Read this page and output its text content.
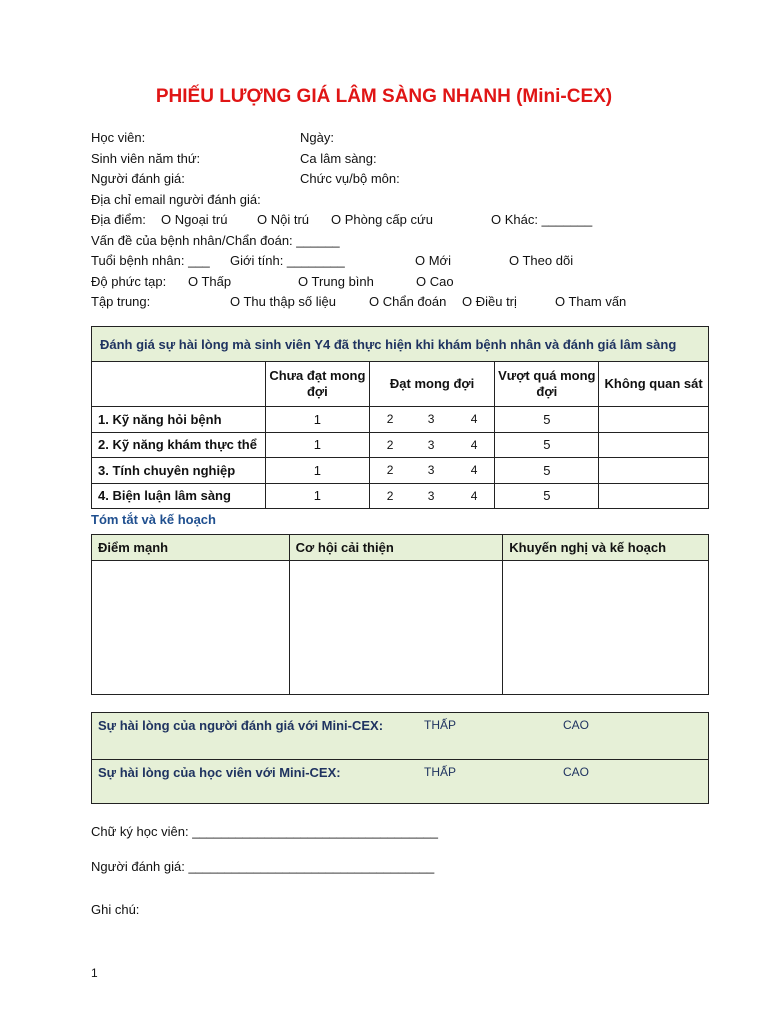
PHIẾU LƯỢNG GIÁ LÂM SÀNG NHANH (Mini-CEX)
Học viên:	Ngày:
Sinh viên năm thứ:	Ca lâm sàng:
Người đánh giá:	Chức vụ/bộ môn:
Địa chỉ email người đánh giá:
Địa điểm: O Ngoại trú O Nội trú O Phòng cấp cứu	O Khác: _______
Vấn đề của bệnh nhân/Chẩn đoán: ______
Tuổi bệnh nhân: ___ Giới tính: ________	O Mới	O Theo dõi
Độ phức tạp: O Thấp	O Trung bình	O Cao
Tập trung:	O Thu thập số liệu	O Chẩn đoán O Điều trị	O Tham vấn
Đánh giá sự hài lòng mà sinh viên Y4 đã thực hiện khi khám bệnh nhân và đánh giá lâm sàng				
	Chưa đạt mong đợi	Đạt mong đợi	Vượt quá mong đợi	Không quan sát
1. Kỹ năng hỏi bệnh	1	2 3 4	5	
2. Kỹ năng khám thực thể	1	2 3 4	5	
3. Tính chuyên nghiệp	1	2 3 4	5	
4. Biện luận lâm sàng	1	2 3 4	5	
Tóm tắt và kế hoạch
Điểm mạnh	Cơ hội cải thiện	Khuyến nghị và kế hoạch

Sự hài lòng của người đánh giá với Mini-CEX:	THẤP	CAO
Sự hài lòng của học viên với Mini-CEX:	THẤP	CAO
Chữ ký học viên: __________________________________
Người đánh giá: __________________________________
Ghi chú:
1
